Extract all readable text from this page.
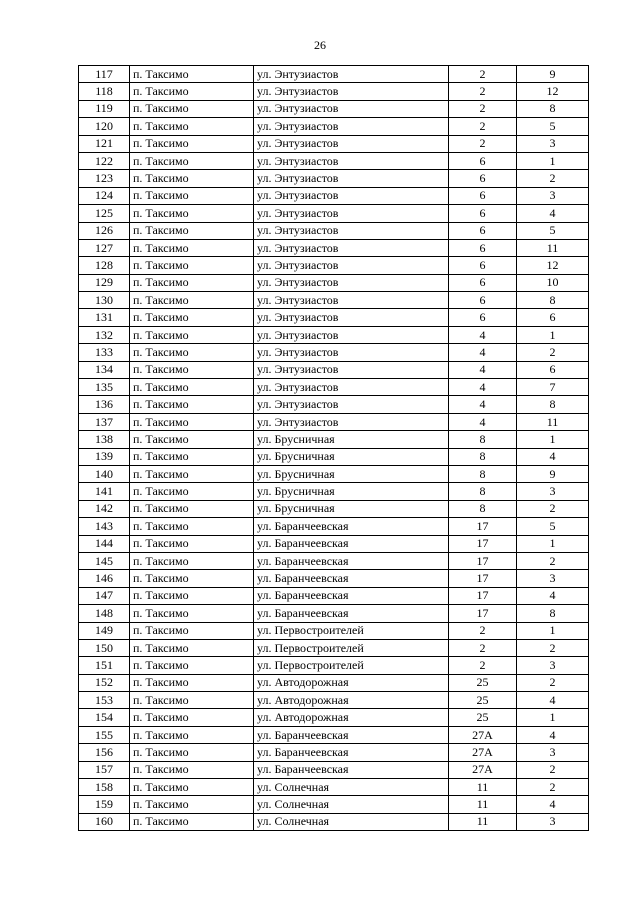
26
117	п. Таксимо	ул. Энтузиастов	2	9
118	п. Таксимо	ул. Энтузиастов	2	12
119	п. Таксимо	ул. Энтузиастов	2	8
120	п. Таксимо	ул. Энтузиастов	2	5
121	п. Таксимо	ул. Энтузиастов	2	3
122	п. Таксимо	ул. Энтузиастов	6	1
123	п. Таксимо	ул. Энтузиастов	6	2
124	п. Таксимо	ул. Энтузиастов	6	3
125	п. Таксимо	ул. Энтузиастов	6	4
126	п. Таксимо	ул. Энтузиастов	6	5
127	п. Таксимо	ул. Энтузиастов	6	11
128	п. Таксимо	ул. Энтузиастов	6	12
129	п. Таксимо	ул. Энтузиастов	6	10
130	п. Таксимо	ул. Энтузиастов	6	8
131	п. Таксимо	ул. Энтузиастов	6	6
132	п. Таксимо	ул. Энтузиастов	4	1
133	п. Таксимо	ул. Энтузиастов	4	2
134	п. Таксимо	ул. Энтузиастов	4	6
135	п. Таксимо	ул. Энтузиастов	4	7
136	п. Таксимо	ул. Энтузиастов	4	8
137	п. Таксимо	ул. Энтузиастов	4	11
138	п. Таксимо	ул. Брусничная	8	1
139	п. Таксимо	ул. Брусничная	8	4
140	п. Таксимо	ул. Брусничная	8	9
141	п. Таксимо	ул. Брусничная	8	3
142	п. Таксимо	ул. Брусничная	8	2
143	п. Таксимо	ул. Баранчеевская	17	5
144	п. Таксимо	ул. Баранчеевская	17	1
145	п. Таксимо	ул. Баранчеевская	17	2
146	п. Таксимо	ул. Баранчеевская	17	3
147	п. Таксимо	ул. Баранчеевская	17	4
148	п. Таксимо	ул. Баранчеевская	17	8
149	п. Таксимо	ул. Первостроителей	2	1
150	п. Таксимо	ул. Первостроителей	2	2
151	п. Таксимо	ул. Первостроителей	2	3
152	п. Таксимо	ул. Автодорожная	25	2
153	п. Таксимо	ул. Автодорожная	25	4
154	п. Таксимо	ул. Автодорожная	25	1
155	п. Таксимо	ул. Баранчеевская	27А	4
156	п. Таксимо	ул. Баранчеевская	27А	3
157	п. Таксимо	ул. Баранчеевская	27А	2
158	п. Таксимо	ул. Солнечная	11	2
159	п. Таксимо	ул. Солнечная	11	4
160	п. Таксимо	ул. Солнечная	11	3
